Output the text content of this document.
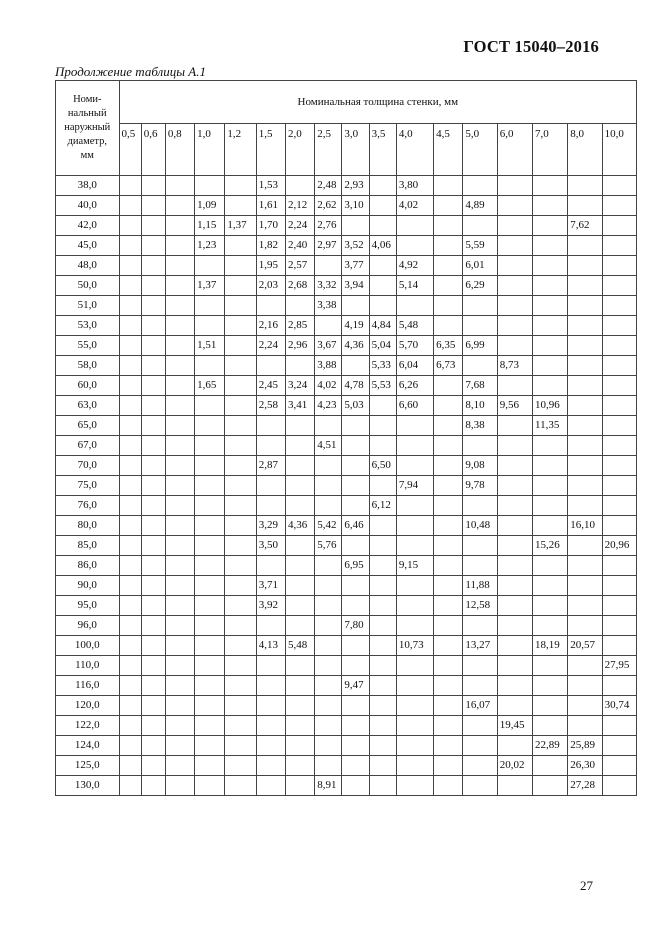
ГОСТ 15040–2016
Продолжение таблицы А.1
Номи-
нальный
наружный
диаметр,
мм	Номинальная толщина стенки, мм																
	0,5	0,6	0,8	1,0	1,2	1,5	2,0	2,5	3,0	3,5	4,0	4,5	5,0	6,0	7,0	8,0	10,0
38,0						1,53		2,48	2,93		3,80						
40,0				1,09		1,61	2,12	2,62	3,10		4,02		4,89				
42,0				1,15	1,37	1,70	2,24	2,76								7,62	
45,0				1,23		1,82	2,40	2,97	3,52	4,06			5,59				
48,0						1,95	2,57		3,77		4,92		6,01				
50,0				1,37		2,03	2,68	3,32	3,94		5,14		6,29				
51,0								3,38									
53,0						2,16	2,85		4,19	4,84	5,48						
55,0				1,51		2,24	2,96	3,67	4,36	5,04	5,70	6,35	6,99				
58,0								3,88		5,33	6,04	6,73		8,73			
60,0				1,65		2,45	3,24	4,02	4,78	5,53	6,26		7,68				
63,0						2,58	3,41	4,23	5,03		6,60		8,10	9,56	10,96		
65,0													8,38		11,35		
67,0								4,51									
70,0						2,87				6,50			9,08				
75,0											7,94		9,78				
76,0										6,12							
80,0						3,29	4,36	5,42	6,46				10,48			16,10	
85,0						3,50		5,76							15,26		20,96
86,0									6,95		9,15						
90,0						3,71							11,88				
95,0						3,92							12,58				
96,0									7,80								
100,0						4,13	5,48				10,73		13,27		18,19	20,57	
110,0																	27,95
116,0									9,47								
120,0													16,07				30,74
122,0														19,45			
124,0															22,89	25,89	
125,0														20,02		26,30	
130,0								8,91								27,28	
27
